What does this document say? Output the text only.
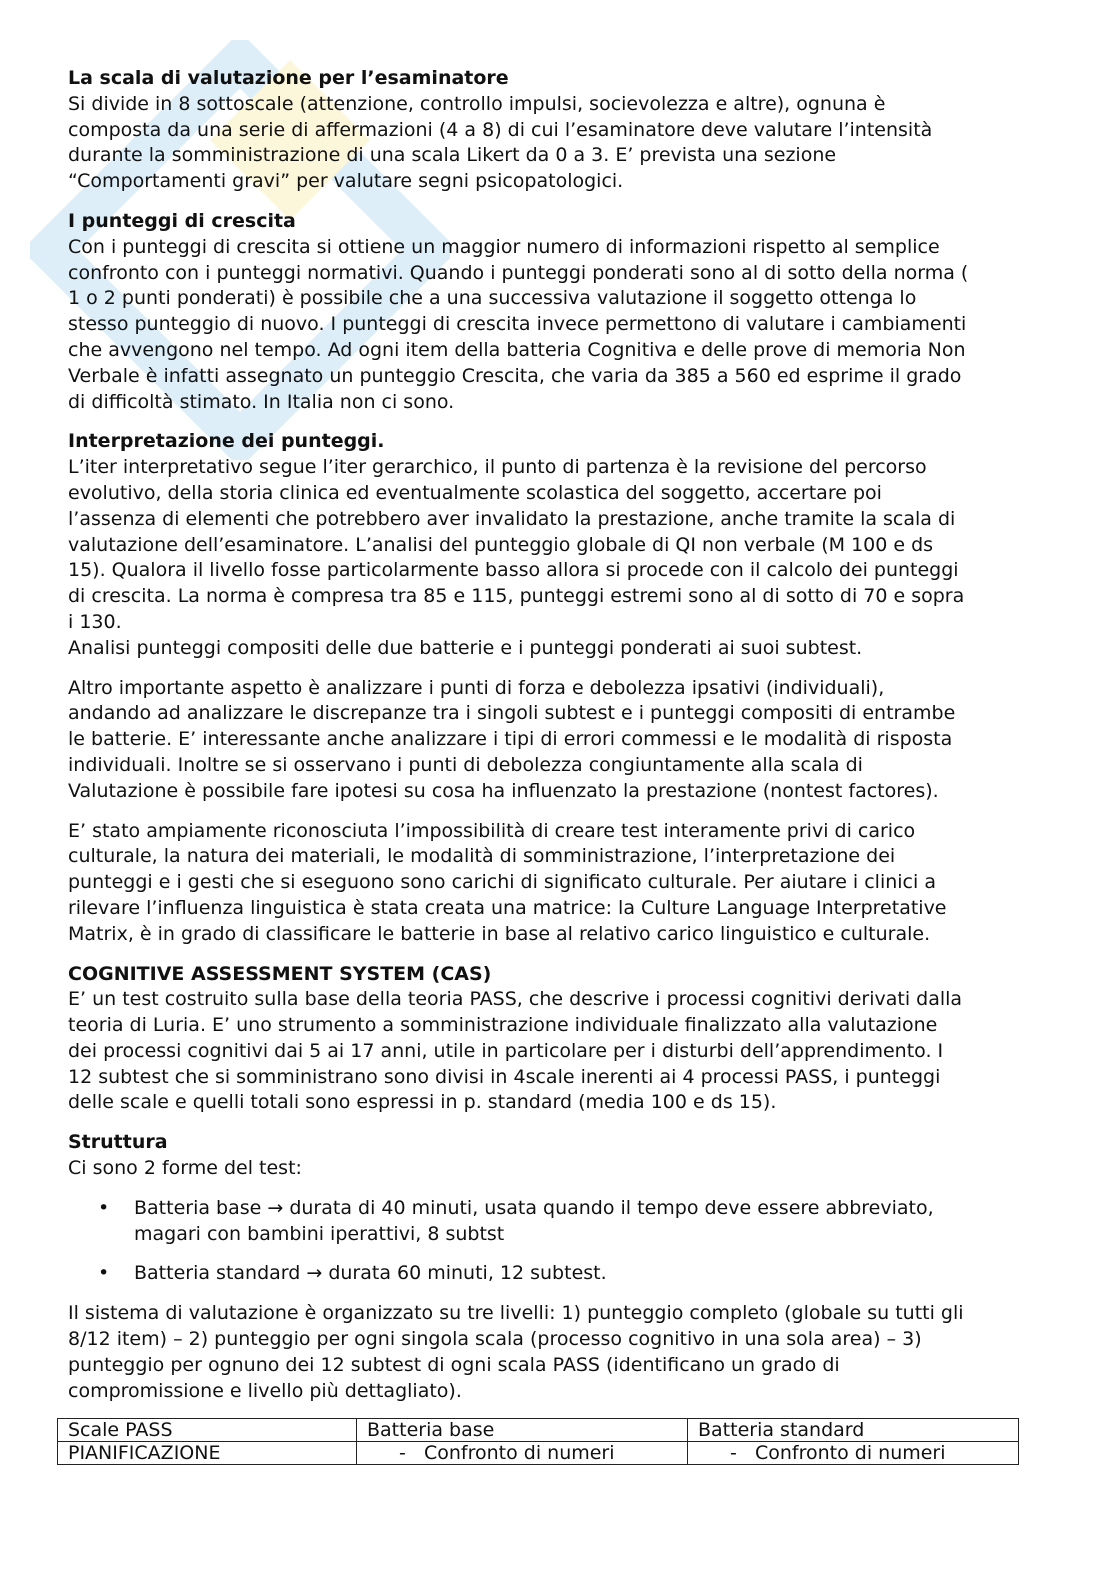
La scala di valutazione per l’esaminatore
Si divide in 8 sottoscale (attenzione, controllo impulsi, socievolezza e altre), ognuna è
composta da una serie di affermazioni (4 a 8) di cui l’esaminatore deve valutare l’intensità
durante la somministrazione di una scala Likert da 0 a 3. E’ prevista una sezione
“Comportamenti gravi” per valutare segni psicopatologici.
I punteggi di crescita
Con i punteggi di crescita si ottiene un maggior numero di informazioni rispetto al semplice
confronto con i punteggi normativi. Quando i punteggi ponderati sono al di sotto della norma (
1 o 2 punti ponderati) è possibile che a una successiva valutazione il soggetto ottenga lo
stesso punteggio di nuovo. I punteggi di crescita invece permettono di valutare i cambiamenti
che avvengono nel tempo. Ad ogni item della batteria Cognitiva e delle prove di memoria Non
Verbale è infatti assegnato un punteggio Crescita, che varia da 385 a 560 ed esprime il grado
di difficoltà stimato. In Italia non ci sono.
Interpretazione dei punteggi.
L’iter interpretativo segue l’iter gerarchico, il punto di partenza è la revisione del percorso
evolutivo, della storia clinica ed eventualmente scolastica del soggetto, accertare poi
l’assenza di elementi che potrebbero aver invalidato la prestazione, anche tramite la scala di
valutazione dell’esaminatore. L’analisi del punteggio globale di QI non verbale (M 100 e ds
15). Qualora il livello fosse particolarmente basso allora si procede con il calcolo dei punteggi
di crescita. La norma è compresa tra 85 e 115, punteggi estremi sono al di sotto di 70 e sopra
i 130.
Analisi punteggi compositi delle due batterie e i punteggi ponderati ai suoi subtest.
Altro importante aspetto è analizzare i punti di forza e debolezza ipsativi (individuali),
andando ad analizzare le discrepanze tra i singoli subtest e i punteggi compositi di entrambe
le batterie. E’ interessante anche analizzare i tipi di errori commessi e le modalità di risposta
individuali. Inoltre se si osservano i punti di debolezza congiuntamente alla scala di
Valutazione è possibile fare ipotesi su cosa ha influenzato la prestazione (nontest factores).
E’ stato ampiamente riconosciuta l’impossibilità di creare test interamente privi di carico
culturale, la natura dei materiali, le modalità di somministrazione, l’interpretazione dei
punteggi e i gesti che si eseguono sono carichi di significato culturale. Per aiutare i clinici a
rilevare l’influenza linguistica è stata creata una matrice: la Culture Language Interpretative
Matrix, è in grado di classificare le batterie in base al relativo carico linguistico e culturale.
COGNITIVE ASSESSMENT SYSTEM (CAS)
E’ un test costruito sulla base della teoria PASS, che descrive i processi cognitivi derivati dalla
teoria di Luria. E’ uno strumento a somministrazione individuale finalizzato alla valutazione
dei processi cognitivi dai 5 ai 17 anni, utile in particolare per i disturbi dell’apprendimento. I
12 subtest che si somministrano sono divisi in 4scale inerenti ai 4 processi PASS, i punteggi
delle scale e quelli totali sono espressi in p. standard (media 100 e ds 15).
Struttura
Ci sono 2 forme del test:
• Batteria base → durata di 40 minuti, usata quando il tempo deve essere abbreviato,
magari con bambini iperattivi, 8 subtst
• Batteria standard → durata 60 minuti, 12 subtest.
Il sistema di valutazione è organizzato su tre livelli: 1) punteggio completo (globale su tutti gli
8/12 item) – 2) punteggio per ogni singola scala (processo cognitivo in una sola area) – 3)
punteggio per ognuno dei 12 subtest di ogni scala PASS (identificano un grado di
compromissione e livello più dettagliato).
Scale PASS	Batteria base	Batteria standard
PIANIFICAZIONE	-   Confronto di numeri	-   Confronto di numeri
